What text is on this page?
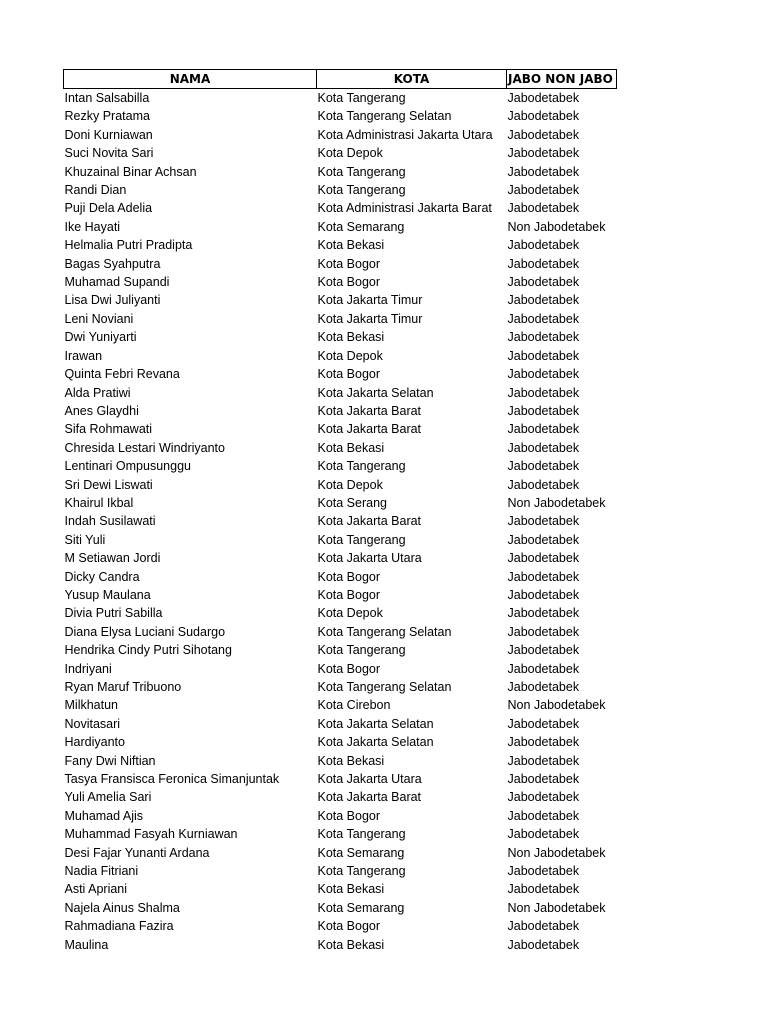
NAMA	KOTA	JABO NON JABO
Intan Salsabilla	Kota Tangerang	Jabodetabek
Rezky Pratama	Kota Tangerang Selatan	Jabodetabek
Doni Kurniawan	Kota Administrasi Jakarta Utara	Jabodetabek
Suci Novita Sari	Kota Depok	Jabodetabek
Khuzainal Binar Achsan	Kota Tangerang	Jabodetabek
Randi Dian	Kota Tangerang	Jabodetabek
Puji Dela Adelia	Kota Administrasi Jakarta Barat	Jabodetabek
Ike Hayati	Kota Semarang	Non Jabodetabek
Helmalia Putri Pradipta	Kota Bekasi	Jabodetabek
Bagas Syahputra	Kota Bogor	Jabodetabek
Muhamad Supandi	Kota Bogor	Jabodetabek
Lisa Dwi Juliyanti	Kota Jakarta Timur	Jabodetabek
Leni Noviani	Kota Jakarta Timur	Jabodetabek
Dwi Yuniyarti	Kota Bekasi	Jabodetabek
Irawan	Kota Depok	Jabodetabek
Quinta Febri Revana	Kota Bogor	Jabodetabek
Alda Pratiwi	Kota Jakarta Selatan	Jabodetabek
Anes Glaydhi	Kota Jakarta Barat	Jabodetabek
Sifa Rohmawati	Kota Jakarta Barat	Jabodetabek
Chresida Lestari Windriyanto	Kota Bekasi	Jabodetabek
Lentinari Ompusunggu	Kota Tangerang	Jabodetabek
Sri Dewi Liswati	Kota Depok	Jabodetabek
Khairul Ikbal	Kota Serang	Non Jabodetabek
Indah Susilawati	Kota Jakarta Barat	Jabodetabek
Siti Yuli	Kota Tangerang	Jabodetabek
M Setiawan Jordi	Kota Jakarta Utara	Jabodetabek
Dicky Candra	Kota Bogor	Jabodetabek
Yusup Maulana	Kota Bogor	Jabodetabek
Divia Putri Sabilla	Kota Depok	Jabodetabek
Diana Elysa Luciani Sudargo	Kota Tangerang Selatan	Jabodetabek
Hendrika Cindy Putri Sihotang	Kota Tangerang	Jabodetabek
Indriyani	Kota Bogor	Jabodetabek
Ryan Maruf Tribuono	Kota Tangerang Selatan	Jabodetabek
Milkhatun	Kota Cirebon	Non Jabodetabek
Novitasari	Kota Jakarta Selatan	Jabodetabek
Hardiyanto	Kota Jakarta Selatan	Jabodetabek
Fany Dwi Niftian	Kota Bekasi	Jabodetabek
Tasya Fransisca Feronica Simanjuntak	Kota Jakarta Utara	Jabodetabek
Yuli Amelia Sari	Kota Jakarta Barat	Jabodetabek
Muhamad Ajis	Kota Bogor	Jabodetabek
Muhammad Fasyah Kurniawan	Kota Tangerang	Jabodetabek
Desi Fajar Yunanti Ardana	Kota Semarang	Non Jabodetabek
Nadia Fitriani	Kota Tangerang	Jabodetabek
Asti Apriani	Kota Bekasi	Jabodetabek
Najela Ainus Shalma	Kota Semarang	Non Jabodetabek
Rahmadiana Fazira	Kota Bogor	Jabodetabek
Maulina	Kota Bekasi	Jabodetabek
